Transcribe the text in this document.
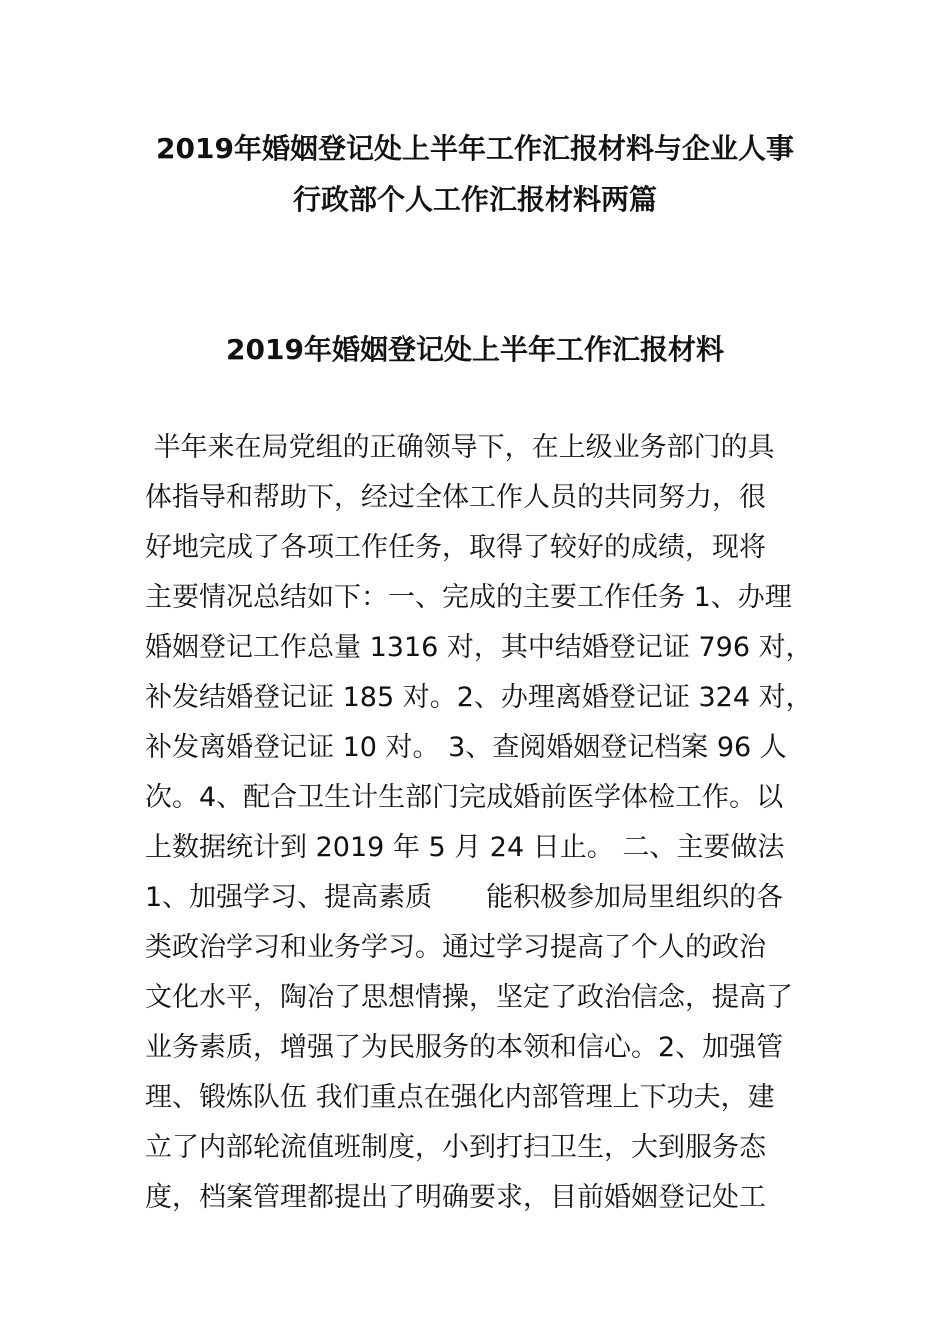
2019年婚姻登记处上半年工作汇报材料与企业人事
行政部个人工作汇报材料两篇
2019年婚姻登记处上半年工作汇报材料

半年来在局党组的正确领导下，在上级业务部门的具

体指导和帮助下，经过全体工作人员的共同努力，很

好地完成了各项工作任务，取得了较好的成绩，现将

主要情况总结如下：一、完成的主要工作任务 1、办理

婚姻登记工作总量 1316 对，其中结婚登记证 796 对，

补发结婚登记证 185 对。2、办理离婚登记证 324 对，

补发离婚登记证 10 对。 3、查阅婚姻登记档案 96 人

次。4、配合卫生计生部门完成婚前医学体检工作。以

上数据统计到 2019 年 5 月 24 日止。 二、主要做法

1、加强学习、提高素质　　能积极参加局里组织的各

类政治学习和业务学习。通过学习提高了个人的政治

文化水平，陶冶了思想情操，坚定了政治信念，提高了

业务素质，增强了为民服务的本领和信心。2、加强管

理、锻炼队伍 我们重点在强化内部管理上下功夫，建

立了内部轮流值班制度，小到打扫卫生，大到服务态

度，档案管理都提出了明确要求，目前婚姻登记处工
